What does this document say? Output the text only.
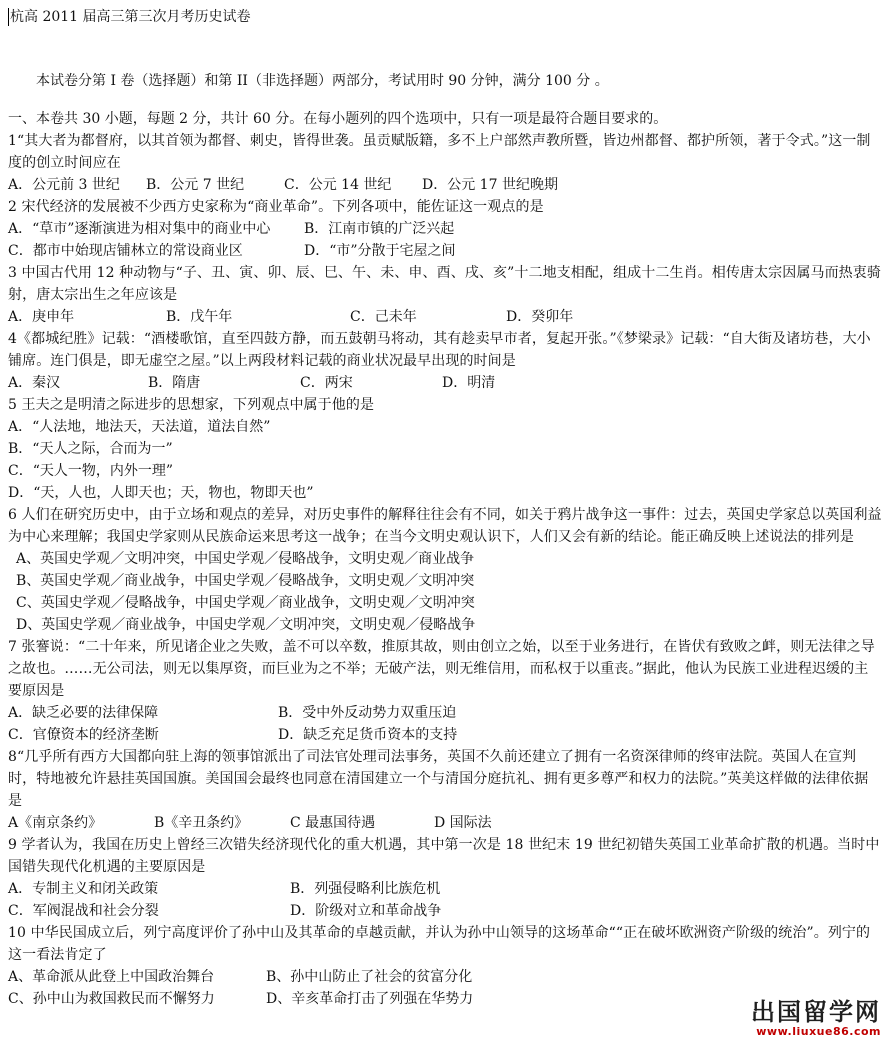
杭高 2011 届高三第三次月考历史试卷
本试卷分第 I 卷（选择题）和第 II（非选择题）两部分，考试用时 90 分钟，满分 100 分 。
一、本卷共 30 小题，每题 2 分，共计 60 分。在每小题列的四个选项中，只有一项是最符合题目要求的。
1“其大者为都督府，以其首领为都督、刺史，皆得世袭。虽贡赋版籍，多不上户部然声教所暨，皆边州都督、都护所领，著于令式。”这一制度的创立时间应在
A．公元前 3 世纪 B．公元 7 世纪	C．公元 14 世纪 D．公元 17 世纪晚期
2 宋代经济的发展被不少西方史家称为“商业革命”。下列各项中，能佐证这一观点的是
A．“草市”逐渐演进为相对集中的商业中心 B．江南市镇的广泛兴起
C．都市中始现店铺林立的常设商业区	D．“市”分散于宅屋之间
3 中国古代用 12 种动物与“子、丑、寅、卯、辰、巳、午、未、申、酉、戌、亥”十二地支相配，组成十二生肖。相传唐太宗因属马而热衷骑射，唐太宗出生之年应该是
A．庚申年	B．戊午年	C．己未年	D．癸卯年
4《都城纪胜》记载：“酒楼歌馆，直至四鼓方静，而五鼓朝马将动，其有趁卖早市者，复起开张。”《梦梁录》记载：“自大街及诸坊巷，大小铺席。连门俱是，即无虚空之屋。”以上两段材料记载的商业状况最早出现的时间是
A．秦汉	B．隋唐	C．两宋	D．明清
5 王夫之是明清之际进步的思想家，下列观点中属于他的是
A．“人法地，地法天，天法道，道法自然”
B．“天人之际，合而为一”
C．“天人一物，内外一理”
D．“天，人也，人即天也；天，物也，物即天也”
6 人们在研究历史中，由于立场和观点的差异，对历史事件的解释往往会有不同，如关于鸦片战争这一事件：过去，英国史学家总以英国利益为中心来理解；我国史学家则从民族命运来思考这一战争；在当今文明史观认识下，人们又会有新的结论。能正确反映上述说法的排列是
A、英国史学观／文明冲突，中国史学观／侵略战争，文明史观／商业战争
B、英国史学观／商业战争，中国史学观／侵略战争，文明史观／文明冲突
C、英国史学观／侵略战争，中国史学观／商业战争，文明史观／文明冲突
D、英国史学观／商业战争，中国史学观／文明冲突，文明史观／侵略战争
7 张謇说：“二十年来，所见诸企业之失败，盖不可以卒数，推原其故，则由创立之始，以至于业务进行，在皆伏有致败之衅，则无法律之导之故也。……无公司法，则无以集厚资，而巨业为之不举；无破产法，则无维信用，而私权于以重丧。”据此，他认为民族工业进程迟缓的主要原因是
A．缺乏必要的法律保障	B．受中外反动势力双重压迫
C．官僚资本的经济垄断	D．缺乏充足货币资本的支持
8“几乎所有西方大国都向驻上海的领事馆派出了司法官处理司法事务，英国不久前还建立了拥有一名资深律师的终审法院。英国人在宣判时，特地被允许悬挂英国国旗。美国国会最终也同意在清国建立一个与清国分庭抗礼、拥有更多尊严和权力的法院。”英美这样做的法律依据是
A《南京条约》	B《辛丑条约》	C 最惠国待遇	D 国际法
9 学者认为，我国在历史上曾经三次错失经济现代化的重大机遇，其中第一次是 18 世纪末 19 世纪初错失英国工业革命扩散的机遇。当时中国错失现代化机遇的主要原因是
A．专制主义和闭关政策	B．列强侵略利比族危机
C．军阀混战和社会分裂	D．阶级对立和革命战争
10 中华民国成立后，列宁高度评价了孙中山及其革命的卓越贡献，并认为孙中山领导的这场革命““正在破坏欧洲资产阶级的统治”。列宁的这一看法肯定了
A、革命派从此登上中国政治舞台	B、孙中山防止了社会的贫富分化
C、孙中山为救国救民而不懈努力	D、辛亥革命打击了列强在华势力	出国留学网
www.liuxue86.com
